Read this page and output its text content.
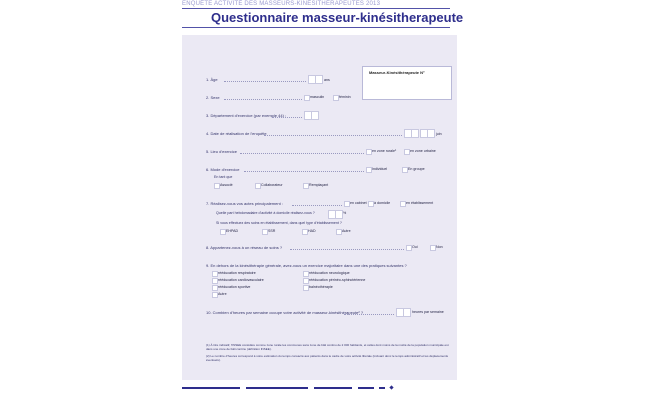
ENQUÊTE ACTIVITÉ DES MASSEURS-KINÉSITHÉRAPEUTES 2013
Questionnaire masseur-kinésitherapeute
Masseur-Kinésithérapeute N°
1. Âge	ans
2. Sexe	masculin	féminin
3. Département d'exercice (par exemple 44) :
4. Date de réalisation de l'enquête	juin
5. Lieu d'exercice	en zone rurale¹	en zone urbaine
6. Mode d'exercice	Individuel	En groupe
En tant que
Associé	Collaborateur	Remplaçant
7. Réalisez-vous vos actes principalement :	en cabinet à domicile	en établissement
Quelle part hebdomadaire d'activité à domicile réalisez-vous ?	%
Si vous effectuez des soins en établissement, dans quel type d'établissement ?
EHPAD	SSR	HAD	Autre
8. Appartenez-vous à un réseau de soins ?	Oui	Non
9. En dehors de la kinésithérapie générale, avez-vous un exercice majoritaire dans une des pratiques suivantes ?
rééducation respiratoire
rééducation cardiovasculaire
rééducation sportive
Autre
rééducation neurologique
rééducation périnéo-sphinctérienne
balnéothérapie
10. Combien d'heures par semaine occupe votre activité de masseur-kinésithérapeute² ?	heures par semaine
(1) À titre indicatif, l'INSEE considère comme zone rurale les communes sans zone de bâti continu de 2 000 habitants, et celles dont moins de la moitié de la population municipale est dans une zone de bâti continu (définition INSEE).
(2) Le nombre d'heures correspond à votre estimation du temps consacré aux patients dans le cadre de votre activité libérale (incluant donc le temps administratif et les déplacements éventuels).
